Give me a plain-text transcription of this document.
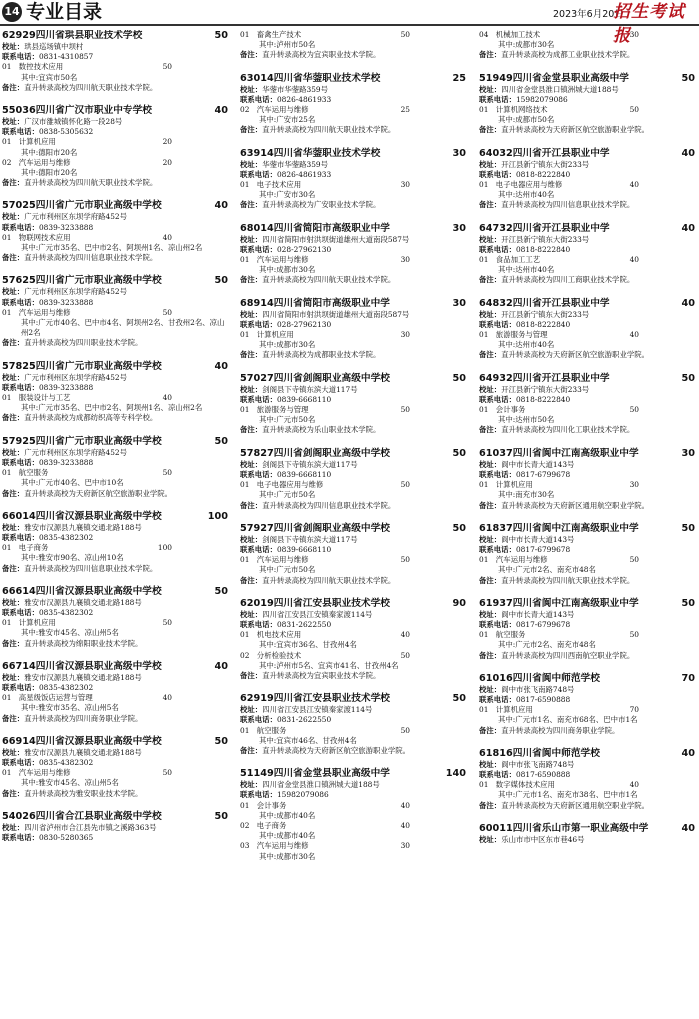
14 专业目录	2023年6月20日
招生考试报
62929四川省珙县职业技术学校	50
校址：珙县巡场镇中坝村
联系电话：0831-4310857
01  数控技术应用	50
其中:宜宾市50名
备注：直升转录高校为四川航天职业技术学院。
55036四川省广汉市职业中专学校	40
校址：广汉市雒城镇怀化路一段28号
联系电话：0838-5305632
01  计算机应用	20
其中:德阳市20名
02  汽车运用与维修	20
其中:德阳市20名
备注：直升转录高校为四川航天职业技术学院。
57025四川省广元市职业高级中学校	40
校址：广元市利州区东坝学府路452号
联系电话：0839-3233888
01  物联网技术应用	40
其中:广元市35名、巴中市2名、阿坝州1名、凉山州2名
备注：直升转录高校为四川信息职业技术学院。
57625四川省广元市职业高级中学校	50
校址：广元市利州区东坝学府路452号
联系电话：0839-3233888
01  汽车运用与维修	50
其中:广元市40名、巴中市4名、阿坝州2名、甘孜州2名、凉山州2名
备注：直升转录高校为四川职业技术学院。
57825四川省广元市职业高级中学校	40
校址：广元市利州区东坝学府路452号
联系电话：0839-3233888
01  服装设计与工艺	40
其中:广元市35名、巴中市2名、阿坝州1名、凉山州2名
备注：直升转录高校为成都纺织高等专科学校。
57925四川省广元市职业高级中学校	50
校址：广元市利州区东坝学府路452号
联系电话：0839-3233888
01  航空服务	50
其中:广元市40名、巴中市10名
备注：直升转录高校为天府新区航空旅游职业学院。
66014四川省汉源县职业高级中学校	100
校址：雅安市汉源县九襄镇交通北路188号
联系电话：0835-4382302
01  电子商务	100
其中:雅安市90名、凉山州10名
备注：直升转录高校为四川信息职业技术学院。
66614四川省汉源县职业高级中学校	50
校址：雅安市汉源县九襄镇交通北路188号
联系电话：0835-4382302
01  计算机应用	50
其中:雅安市45名、凉山州5名
备注：直升转录高校为绵阳职业技术学院。
66714四川省汉源县职业高级中学校	40
校址：雅安市汉源县九襄镇交通北路188号
联系电话：0835-4382302
01  高星级饭店运营与管理	40
其中:雅安市35名、凉山州5名
备注：直升转录高校为四川商务职业学院。
66914四川省汉源县职业高级中学校	50
校址：雅安市汉源县九襄镇交通北路188号
联系电话：0835-4382302
01  汽车运用与维修	50
其中:雅安市45名、凉山州5名
备注：直升转录高校为雅安职业技术学院。
54026四川省合江县职业高级中学校	50
校址：四川省泸州市合江县先市镇之溪路363号
联系电话：0830-5280365
01  畜禽生产技术	50
其中:泸州市50名
备注：直升转录高校为宜宾职业技术学院。
63014四川省华蓥职业技术学校	25
校址：华蓥市华蓥路359号
联系电话：0826-4861933
02  汽车运用与维修	25
其中:广安市25名
备注：直升转录高校为四川航天职业技术学院。
63914四川省华蓥职业技术学校	30
校址：华蓥市华蓥路359号
联系电话：0826-4861933
01  电子技术应用	30
其中:广安市30名
备注：直升转录高校为广安职业技术学院。
68014四川省简阳市高级职业中学	30
校址：四川省简阳市射洪坝街道雄州大道南段587号
联系电话：028-27962130
01  汽车运用与维修	30
其中:成都市30名
备注：直升转录高校为四川航天职业技术学院。
68914四川省简阳市高级职业中学	30
校址：四川省简阳市射洪坝街道雄州大道南段587号
联系电话：028-27962130
01  计算机应用	30
其中:成都市30名
备注：直升转录高校为成都职业技术学院。
57027四川省剑阁职业高级中学校	50
校址：剑阁县下寺镇东滨大道117号
联系电话：0839-6668110
01  旅游服务与管理	50
其中:广元市50名
备注：直升转录高校为乐山职业技术学院。
57827四川省剑阁职业高级中学校	50
校址：剑阁县下寺镇东滨大道117号
联系电话：0839-6668110
01  电子电器应用与维修	50
其中:广元市50名
备注：直升转录高校为四川信息职业技术学院。
57927四川省剑阁职业高级中学校	50
校址：剑阁县下寺镇东滨大道117号
联系电话：0839-6668110
01  汽车运用与维修	50
其中:广元市50名
备注：直升转录高校为四川航天职业技术学院。
62019四川省江安县职业技术学校	90
校址：四川省江安县江安镇秦家渡114号
联系电话：0831-2622550
01  机电技术应用	40
其中:宜宾市36名、甘孜州4名
02  分析检验技术	50
其中:泸州市5名、宜宾市41名、甘孜州4名
备注：直升转录高校为宜宾职业技术学院。
62919四川省江安县职业技术学校	50
校址：四川省江安县江安镇秦家渡114号
联系电话：0831-2622550
01  航空服务	50
其中:宜宾市46名、甘孜州4名
备注：直升转录高校为天府新区航空旅游职业学院。
51149四川省金堂县职业高级中学	140
校址：四川省金堂县淮口镇洲城大道188号
联系电话：15982079086
01  会计事务	40
其中:成都市40名
02  电子商务	40
其中:成都市40名
03  汽车运用与维修	30
其中:成都市30名
04  机械加工技术	30
其中:成都市30名
备注：直升转录高校为成都工业职业技术学院。
51949四川省金堂县职业高级中学	50
校址：四川省金堂县淮口镇洲城大道188号
联系电话：15982079086
01  计算机网络技术	50
其中:成都市50名
备注：直升转录高校为天府新区航空旅游职业学院。
64032四川省开江县职业中学	40
校址：开江县新宁镇东大街233号
联系电话：0818-8222840
01  电子电器应用与维修	40
其中:达州市40名
备注：直升转录高校为四川信息职业技术学院。
64732四川省开江县职业中学	40
校址：开江县新宁镇东大街233号
联系电话：0818-8222840
01  食品加工工艺	40
其中:达州市40名
备注：直升转录高校为四川工商职业技术学院。
64832四川省开江县职业中学	40
校址：开江县新宁镇东大街233号
联系电话：0818-8222840
01  旅游服务与管理	40
其中:达州市40名
备注：直升转录高校为天府新区航空旅游职业学院。
64932四川省开江县职业中学	50
校址：开江县新宁镇东大街233号
联系电话：0818-8222840
01  会计事务	50
其中:达州市50名
备注：直升转录高校为四川化工职业技术学院。
61037四川省阆中江南高级职业中学	30
校址：阆中市长青大道143号
联系电话：0817-6799678
01  计算机应用	30
其中:南充市30名
备注：直升转录高校为天府新区通用航空职业学院。
61837四川省阆中江南高级职业中学	50
校址：阆中市长青大道143号
联系电话：0817-6799678
01  汽车运用与维修	50
其中:广元市2名、南充市48名
备注：直升转录高校为四川航天职业技术学院。
61937四川省阆中江南高级职业中学	50
校址：阆中市长青大道143号
联系电话：0817-6799678
01  航空服务	50
其中:广元市2名、南充市48名
备注：直升转录高校为四川西南航空职业学院。
61016四川省阆中师范学校	70
校址：阆中市张飞南路748号
联系电话：0817-6590888
01  计算机应用	70
其中:广元市1名、南充市68名、巴中市1名
备注：直升转录高校为四川商务职业学院。
61816四川省阆中师范学校	40
校址：阆中市张飞南路748号
联系电话：0817-6590888
01  数字媒体技术应用	40
其中:广元市1名、南充市38名、巴中市1名
备注：直升转录高校为天府新区通用航空职业学院。
60011四川省乐山市第一职业高级中学	40
校址：乐山市市中区东市巷46号
